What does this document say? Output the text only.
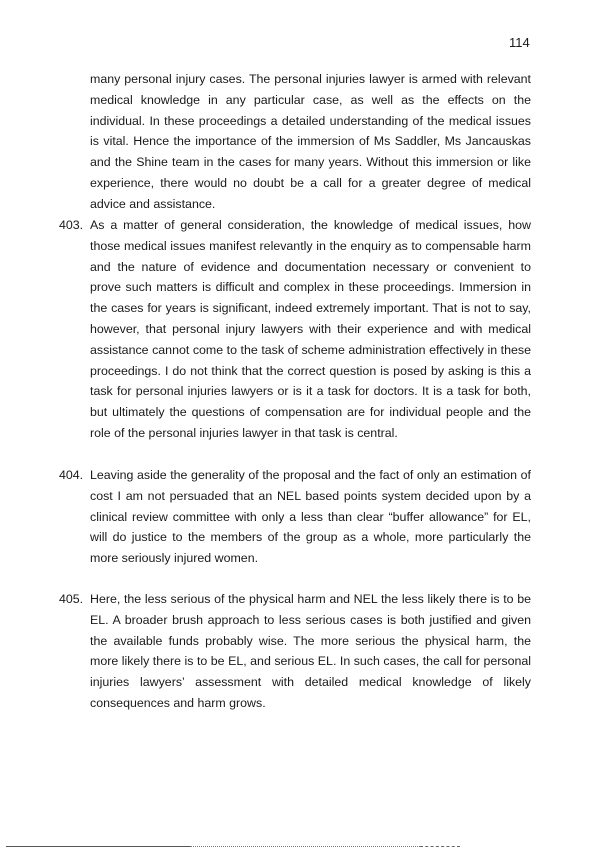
114

many personal injury cases. The personal injuries lawyer is armed with relevant medical knowledge in any particular case, as well as the effects on the individual. In these proceedings a detailed understanding of the medical issues is vital. Hence the importance of the immersion of Ms Saddler, Ms Jancauskas and the Shine team in the cases for many years. Without this immersion or like experience, there would no doubt be a call for a greater degree of medical advice and assistance.

403. As a matter of general consideration, the knowledge of medical issues, how those medical issues manifest relevantly in the enquiry as to compensable harm and the nature of evidence and documentation necessary or convenient to prove such matters is difficult and complex in these proceedings. Immersion in the cases for years is significant, indeed extremely important. That is not to say, however, that personal injury lawyers with their experience and with medical assistance cannot come to the task of scheme administration effectively in these proceedings. I do not think that the correct question is posed by asking is this a task for personal injuries lawyers or is it a task for doctors. It is a task for both, but ultimately the questions of compensation are for individual people and the role of the personal injuries lawyer in that task is central.

404. Leaving aside the generality of the proposal and the fact of only an estimation of cost I am not persuaded that an NEL based points system decided upon by a clinical review committee with only a less than clear “buffer allowance” for EL, will do justice to the members of the group as a whole, more particularly the more seriously injured women.

405. Here, the less serious of the physical harm and NEL the less likely there is to be EL. A broader brush approach to less serious cases is both justified and given the available funds probably wise. The more serious the physical harm, the more likely there is to be EL, and serious EL. In such cases, the call for personal injuries lawyers’ assessment with detailed medical knowledge of likely consequences and harm grows.
